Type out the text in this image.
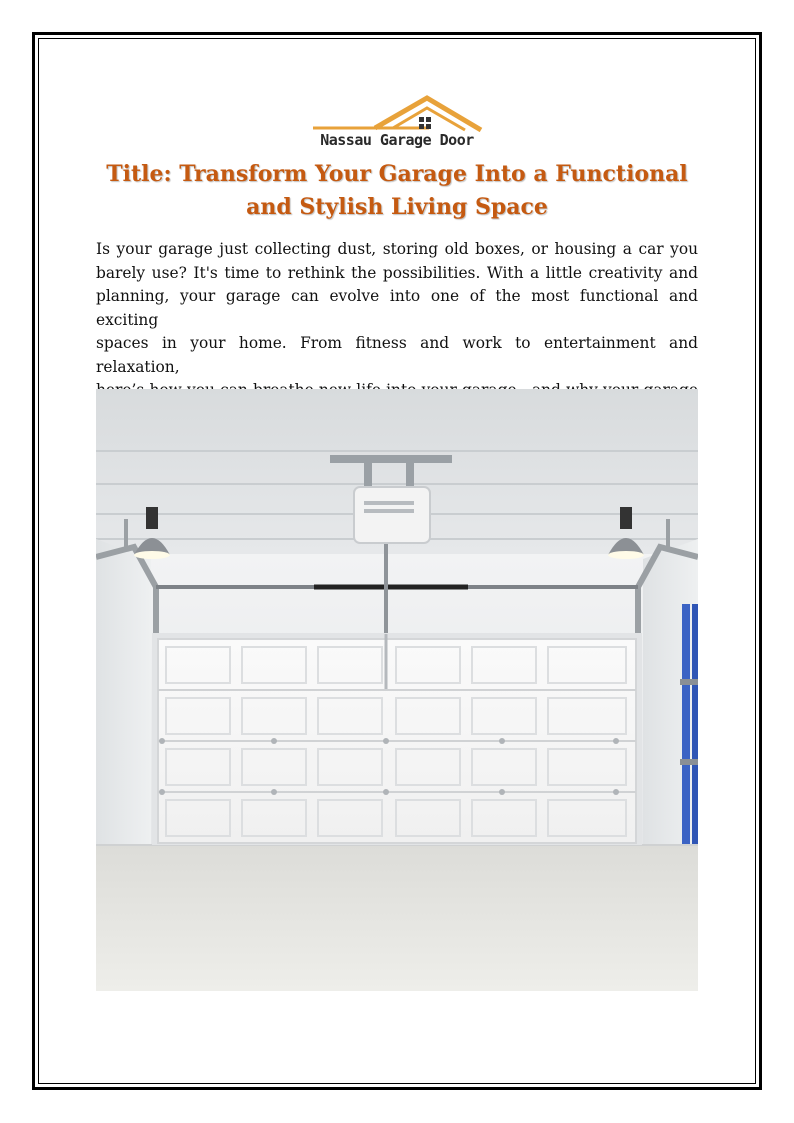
Nassau Garage Door
Title: Transform Your Garage Into a Functional
and Stylish Living Space
Is your garage just collecting dust, storing old boxes, or housing a car you
barely use? It's time to rethink the possibilities. With a little creativity and
planning, your garage can evolve into one of the most functional and exciting
spaces in your home. From fitness and work to entertainment and relaxation,
